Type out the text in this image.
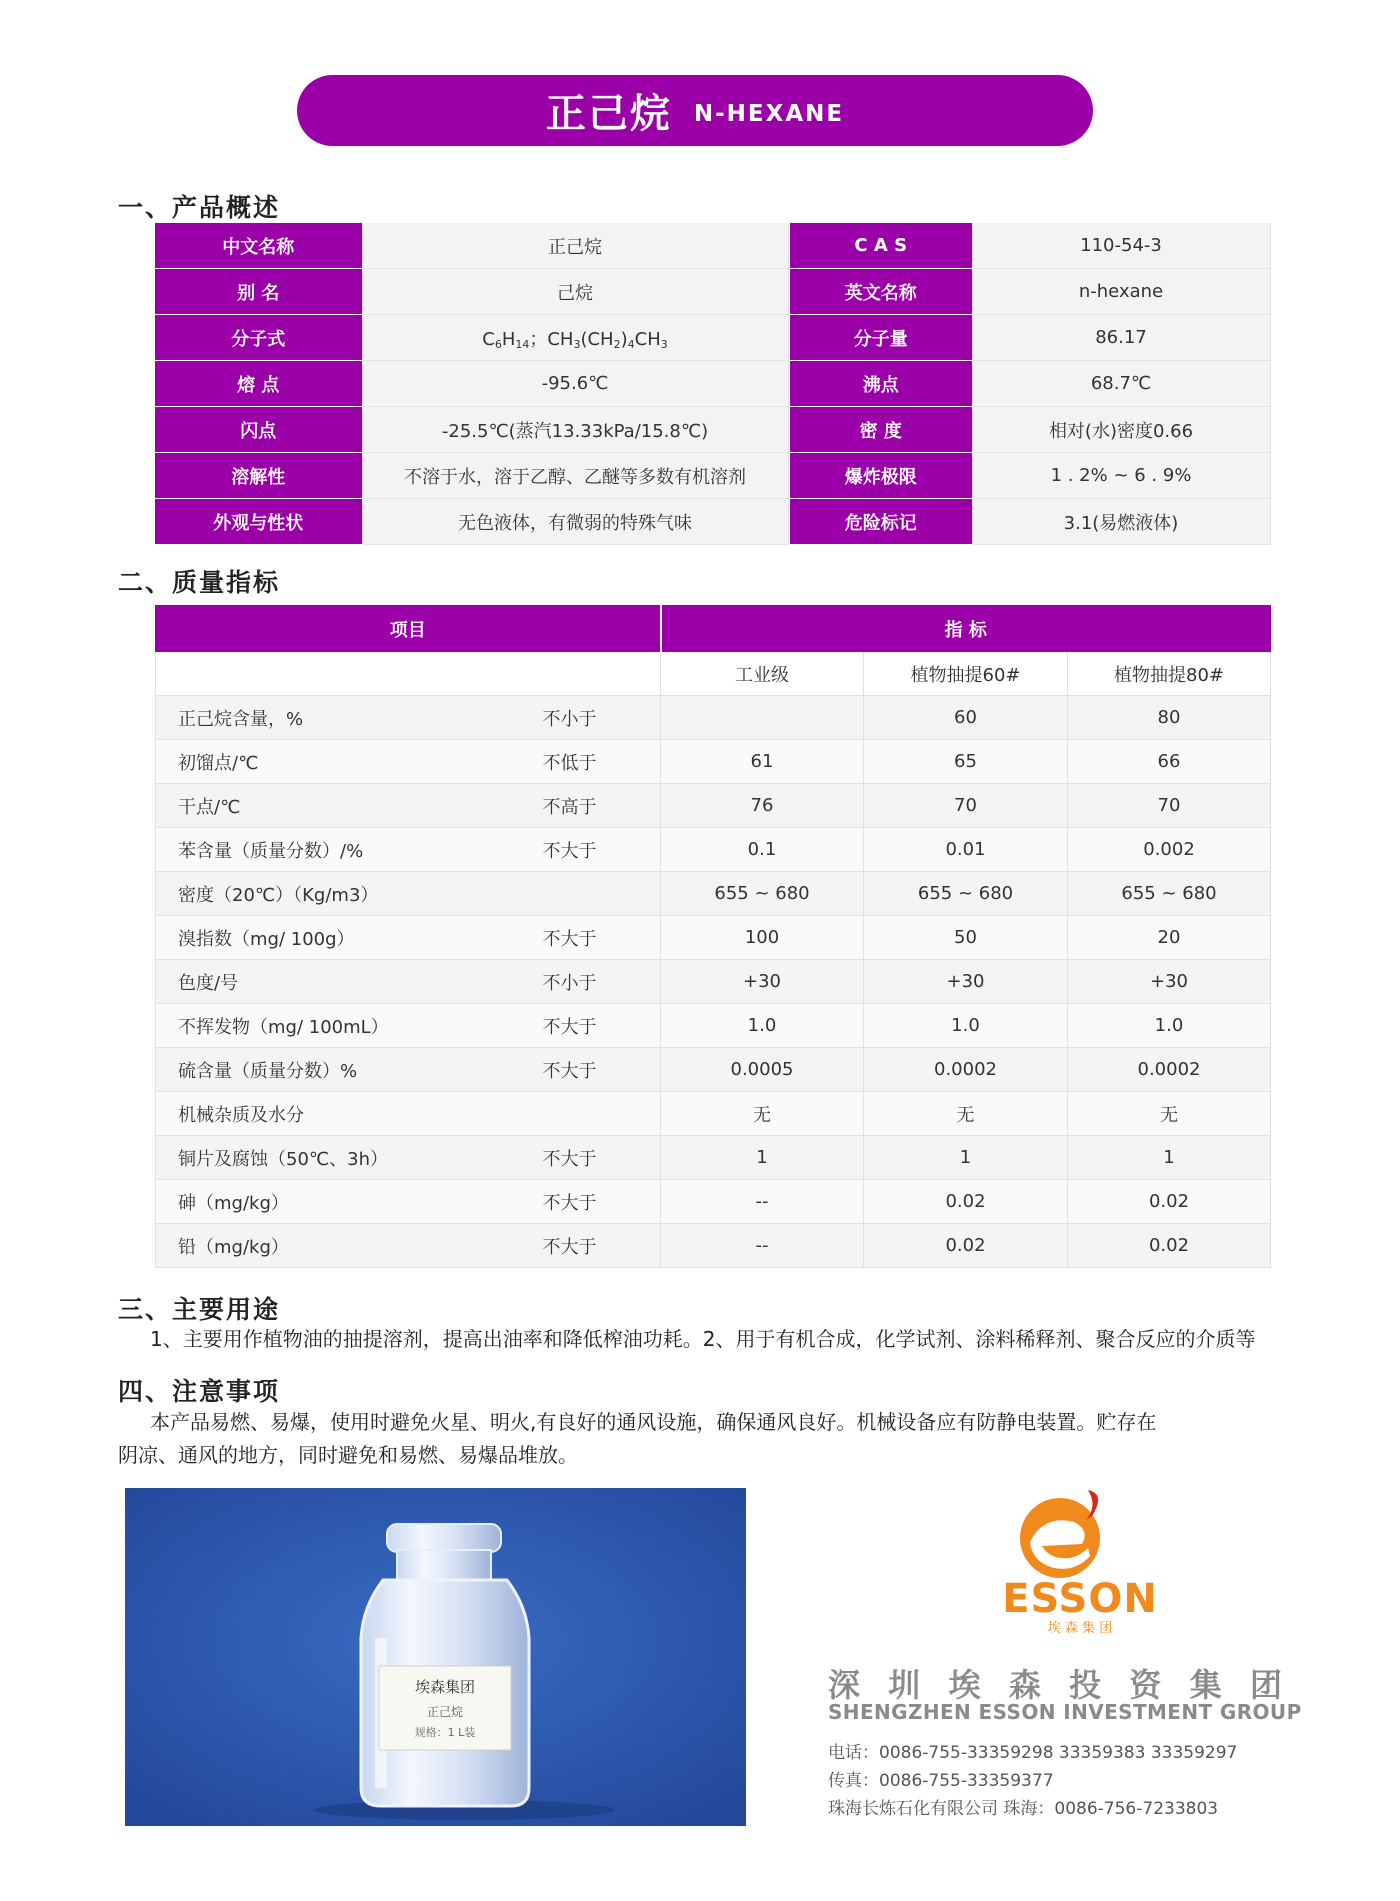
正己烷 N-HEXANE
一、产品概述
中文名称	正己烷		C A S	110-54-3
别 名	己烷		英文名称	n-hexane
分子式	$C_6H_{14}$；$CH_3(CH_2)_4CH_3$		分子量	86.17
熔 点	-95.6℃		沸点	68.7℃
闪点	-25.5℃(蒸汽13.33kPa/15.8℃)		密 度	相对(水)密度0.66
溶解性	不溶于水，溶于乙醇、乙醚等多数有机溶剂		爆炸极限	1 . 2% ~ 6 . 9%
外观与性状	无色液体，有微弱的特殊气味		危险标记	3.1(易燃液体)
二、质量指标
项目		指 标		
		工业级	植物抽提60#	植物抽提80#
正己烷含量，%	不小于		60	80
初馏点/℃	不低于	61	65	66
干点/℃	不高于	76	70	70
苯含量（质量分数）/%	不大于	0.1	0.01	0.002
密度（20℃）（Kg/m3）		655 ~ 680	655 ~ 680	655 ~ 680
溴指数（mg/ 100g）	不大于	100	50	20
色度/号	不小于	+30	+30	+30
不挥发物（mg/ 100mL）	不大于	1.0	1.0	1.0
硫含量（质量分数）%	不大于	0.0005	0.0002	0.0002
机械杂质及水分		无	无	无
铜片及腐蚀（50℃、3h）	不大于	1	1	1
砷（mg/kg）	不大于	--	0.02	0.02
铅（mg/kg）	不大于	--	0.02	0.02
三、主要用途
1、主要用作植物油的抽提溶剂，提高出油率和降低榨油功耗。2、用于有机合成，化学试剂、涂料稀释剂、聚合反应的介质等
四、注意事项
本产品易燃、易爆，使用时避免火星、明火,有良好的通风设施，确保通风良好。机械设备应有防静电装置。贮存在
阴凉、通风的地方，同时避免和易燃、易爆品堆放。
埃森集团
正己烷
规格：1 L装
ESSON
埃 森 集 团
深 圳 埃 森 投 资 集 团
SHENGZHEN ESSON INVESTMENT GROUP
电话：0086-755-33359298 33359383 33359297
传真：0086-755-33359377
珠海长炼石化有限公司 珠海：0086-756-7233803
